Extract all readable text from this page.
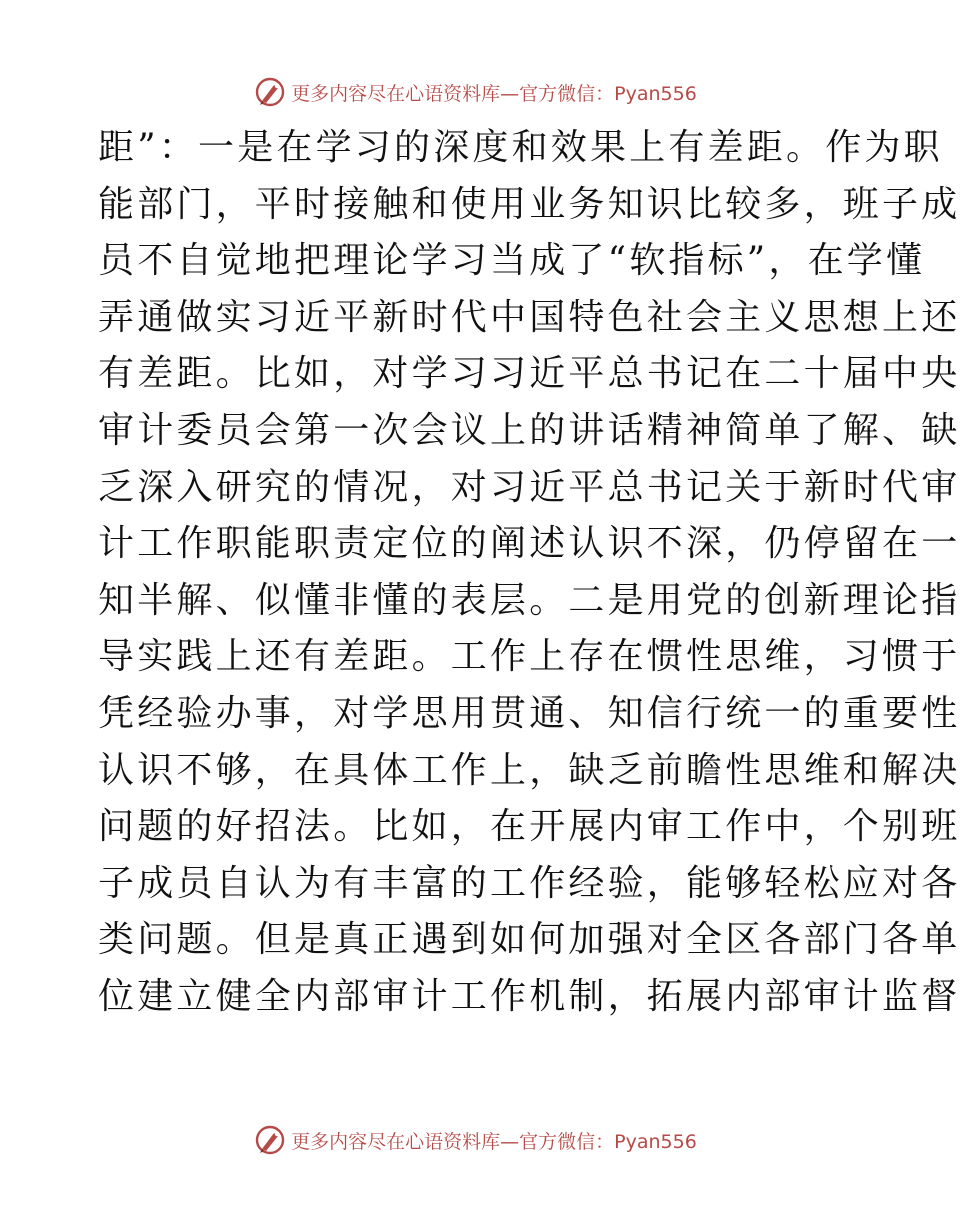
更多内容尽在心语资料库—官方微信：Pyan556
距”：一是在学习的深度和效果上有差距。作为职
能部门，平时接触和使用业务知识比较多，班子成
员不自觉地把理论学习当成了“软指标”，在学懂
弄通做实习近平新时代中国特色社会主义思想上还
有差距。比如，对学习习近平总书记在二十届中央
审计委员会第一次会议上的讲话精神简单了解、缺
乏深入研究的情况，对习近平总书记关于新时代审
计工作职能职责定位的阐述认识不深，仍停留在一
知半解、似懂非懂的表层。二是用党的创新理论指
导实践上还有差距。工作上存在惯性思维，习惯于
凭经验办事，对学思用贯通、知信行统一的重要性
认识不够，在具体工作上，缺乏前瞻性思维和解决
问题的好招法。比如，在开展内审工作中，个别班
子成员自认为有丰富的工作经验，能够轻松应对各
类问题。但是真正遇到如何加强对全区各部门各单
位建立健全内部审计工作机制，拓展内部审计监督
更多内容尽在心语资料库—官方微信：Pyan556
